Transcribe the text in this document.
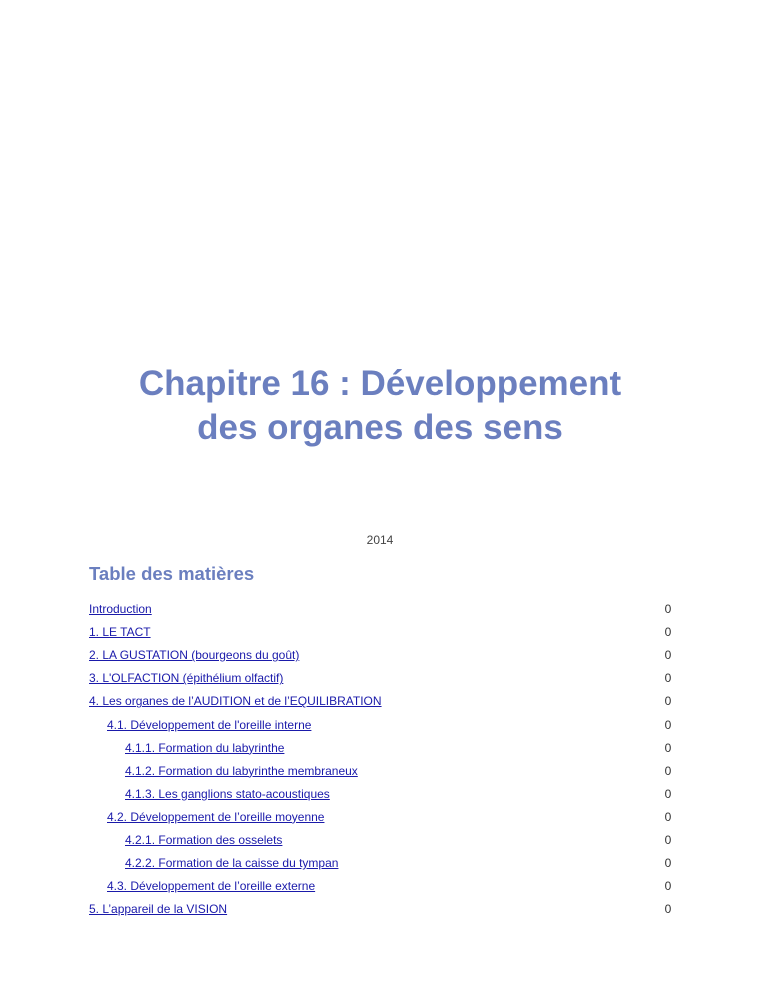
Chapitre 16 : Développement
des organes des sens
2014
Table des matières
Introduction	0
1. LE TACT	0
2. LA GUSTATION (bourgeons du goût)	0
3. L'OLFACTION (épithélium olfactif)	0
4. Les organes de l’AUDITION et de l’EQUILIBRATION	0
4.1. Développement de l'oreille interne	0
4.1.1. Formation du labyrinthe	0
4.1.2. Formation du labyrinthe membraneux	0
4.1.3. Les ganglions stato-acoustiques	0
4.2. Développement de l’oreille moyenne	0
4.2.1. Formation des osselets	0
4.2.2. Formation de la caisse du tympan	0
4.3. Développement de l’oreille externe	0
5. L’appareil de la VISION	0
